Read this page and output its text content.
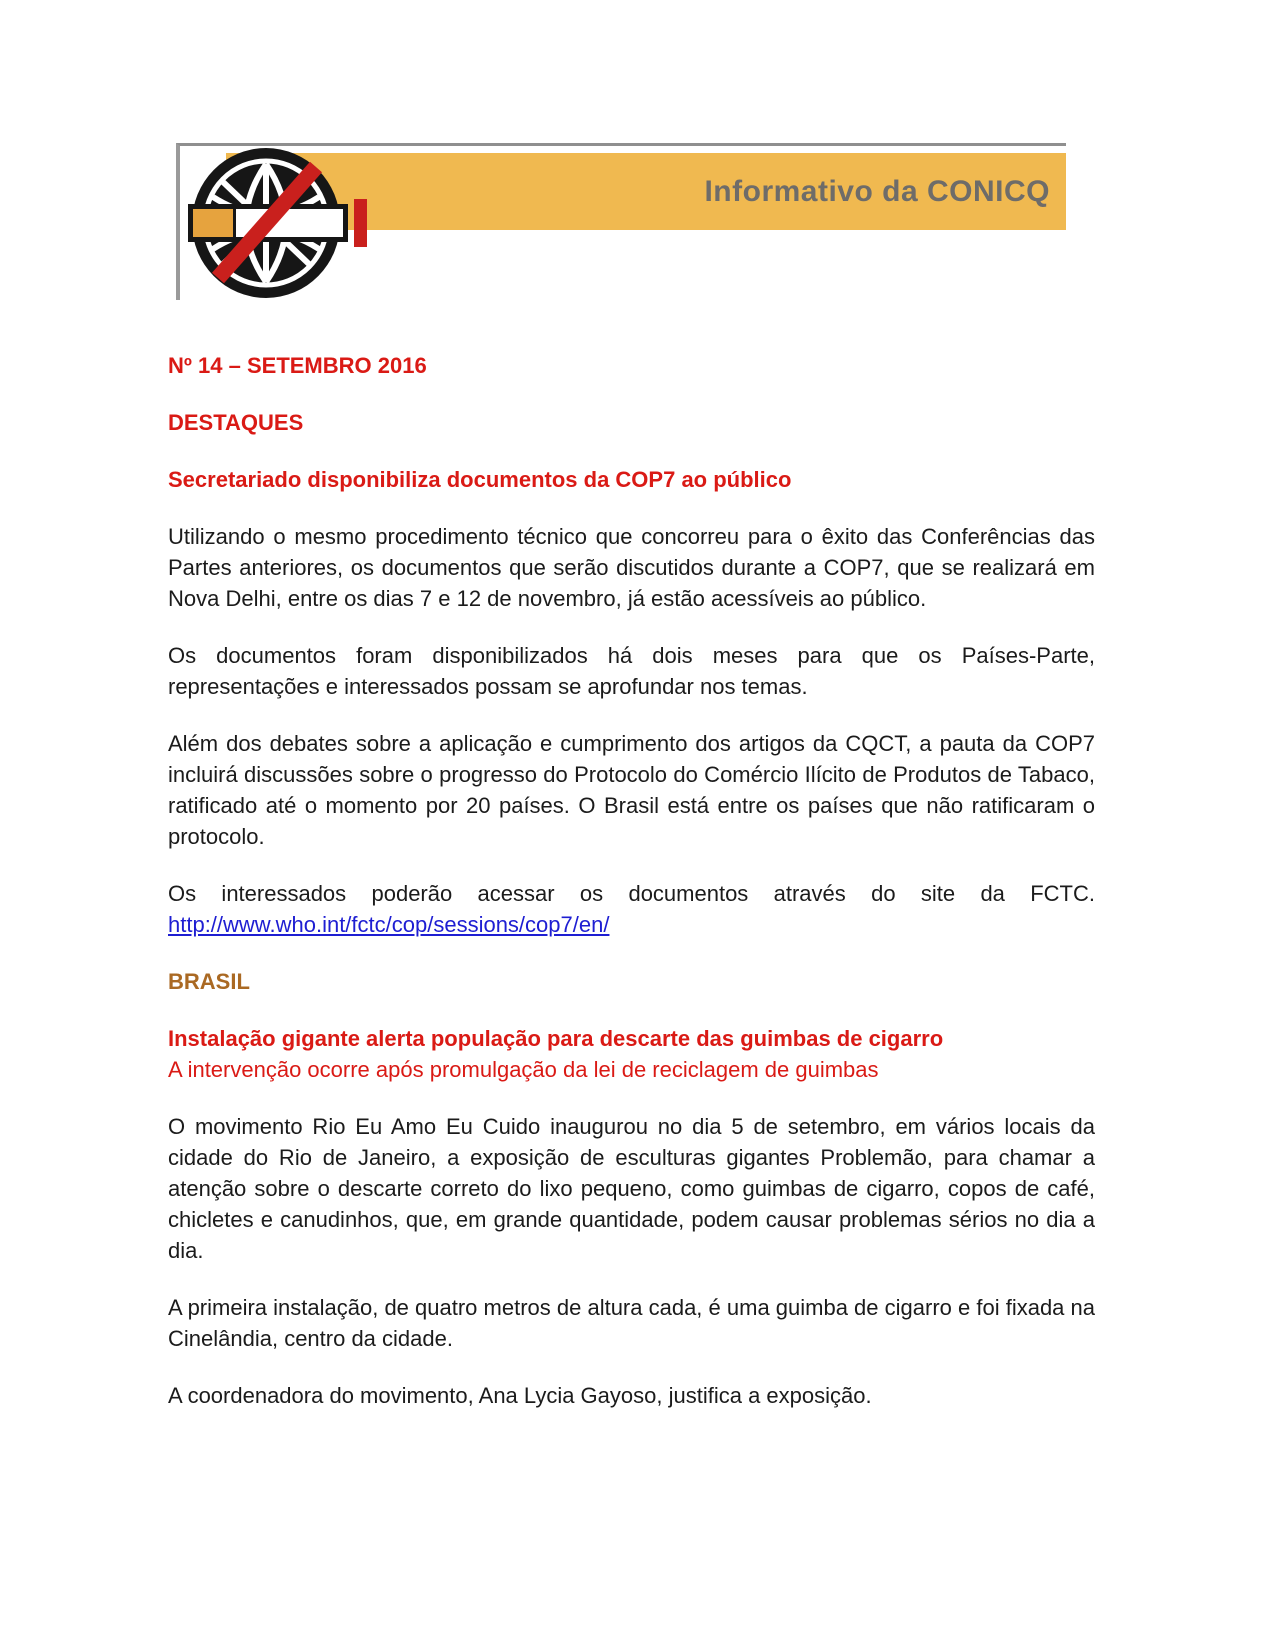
Informativo da CONICQ
Nº 14 – SETEMBRO 2016
DESTAQUES
Secretariado disponibiliza documentos da COP7 ao público

Utilizando o mesmo procedimento técnico que concorreu para o êxito das Conferências das Partes anteriores, os documentos que serão discutidos durante a COP7, que se realizará em Nova Delhi, entre os dias 7 e 12 de novembro, já estão acessíveis ao público.

Os documentos foram disponibilizados há dois meses para que os Países-Parte, representações e interessados possam se aprofundar nos temas.

Além dos debates sobre a aplicação e cumprimento dos artigos da CQCT, a pauta da COP7 incluirá discussões sobre o progresso do Protocolo do Comércio Ilícito de Produtos de Tabaco, ratificado até o momento por 20 países. O Brasil está entre os países que não ratificaram o protocolo.

Os interessados poderão acessar os documentos através do site da FCTC.
http://www.who.int/fctc/cop/sessions/cop7/en/

BRASIL
Instalação gigante alerta população para descarte das guimbas de cigarro
A intervenção ocorre após promulgação da lei de reciclagem de guimbas

O movimento Rio Eu Amo Eu Cuido inaugurou no dia 5 de setembro, em vários locais da cidade do Rio de Janeiro, a exposição de esculturas gigantes Problemão, para chamar a atenção sobre o descarte correto do lixo pequeno, como guimbas de cigarro, copos de café, chicletes e canudinhos, que, em grande quantidade, podem causar problemas sérios no dia a dia.

A primeira instalação, de quatro metros de altura cada, é uma guimba de cigarro e foi fixada na Cinelândia, centro da cidade.

A coordenadora do movimento, Ana Lycia Gayoso, justifica a exposição.
